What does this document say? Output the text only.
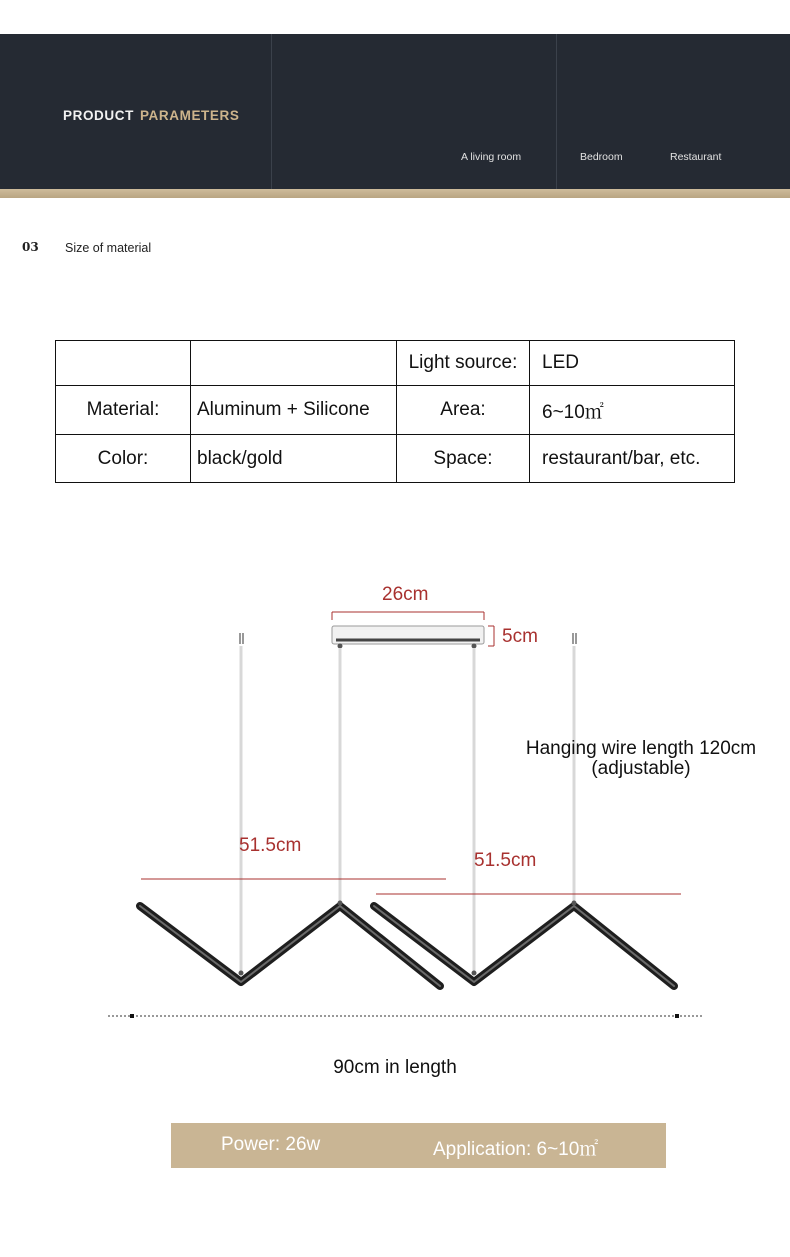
PRODUCT PARAMETERS
A living room	Bedroom	Restaurant
03 Size of material
		Light source:	LED
Material:	Aluminum + Silicone	Area:	6~10㎡
Color:	black/gold	Space:	restaurant/bar, etc.
26cm
5cm
Hanging wire length 120cm
(adjustable)
51.5cm
51.5cm
90cm in length
Power: 26w	Application: 6~10㎡
